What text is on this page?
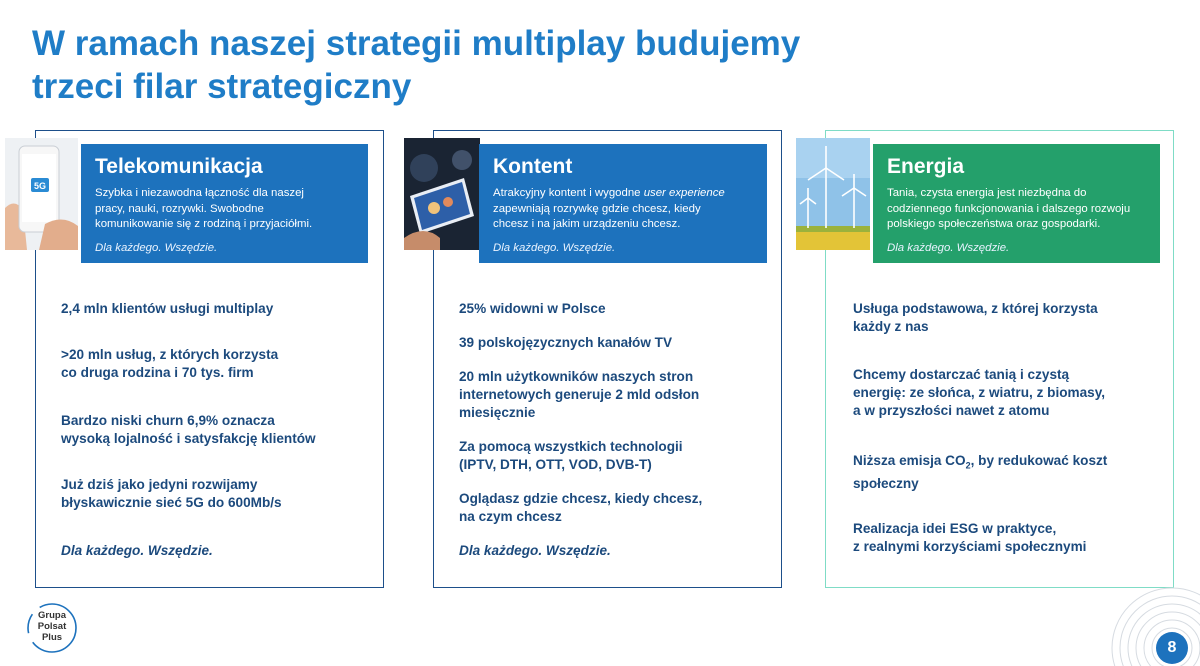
W ramach naszej strategii multiplay budujemy
trzeci filar strategiczny
5G
Telekomunikacja

Szybka i niezawodna łączność dla naszej

pracy, nauki, rozrywki. Swobodne

komunikowanie się z rodziną i przyjaciółmi.

Dla każdego. Wszędzie.

Kontent

Atrakcyjny kontent i wygodne user experience

zapewniają rozrywkę gdzie chcesz, kiedy

chcesz i na jakim urządzeniu chcesz.

Dla każdego. Wszędzie.

Energia

Tania, czysta energia jest niezbędna do

codziennego funkcjonowania i dalszego rozwoju

polskiego społeczeństwa oraz gospodarki.

Dla każdego. Wszędzie.

2,4 mln klientów usługi multiplay
>20 mln usług, z których korzysta
co druga rodzina i 70 tys. firm
Bardzo niski churn 6,9% oznacza
wysoką lojalność i satysfakcję klientów
Już dziś jako jedyni rozwijamy
błyskawicznie sieć 5G do 600Mb/s
Dla każdego. Wszędzie.
25% widowni w Polsce
39 polskojęzycznych kanałów TV
20 mln użytkowników naszych stron
internetowych generuje 2 mld odsłon
miesięcznie
Za pomocą wszystkich technologii
(IPTV, DTH, OTT, VOD, DVB-T)
Oglądasz gdzie chcesz, kiedy chcesz,
na czym chcesz
Dla każdego. Wszędzie.
Usługa podstawowa, z której korzysta
każdy z nas
Chcemy dostarczać tanią i czystą
energię: ze słońca, z wiatru, z biomasy,
a w przyszłości nawet z atomu
Niższa emisja $CO_2$, by redukować koszt
społeczny
Realizacja idei ESG w praktyce,
z realnymi korzyściami społecznymi
Grupa
Polsat
Plus
8
